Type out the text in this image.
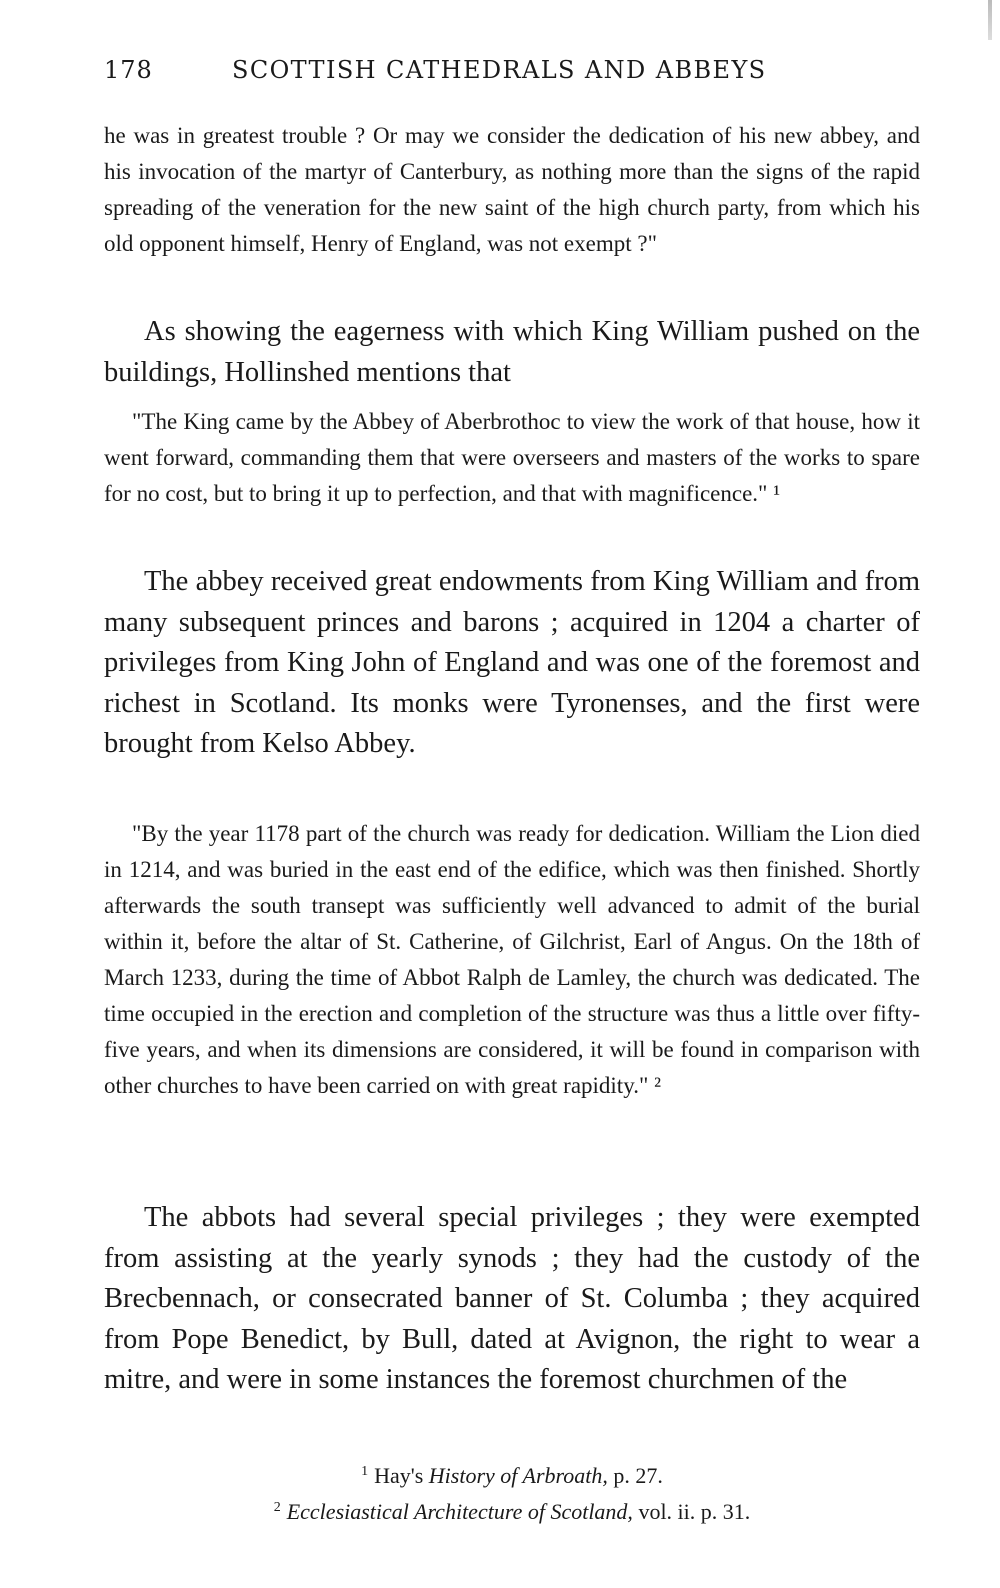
178	SCOTTISH CATHEDRALS AND ABBEYS

he was in greatest trouble ? Or may we consider the dedication of his new abbey, and his invocation of the martyr of Canterbury, as nothing more than the signs of the rapid spreading of the veneration for the new saint of the high church party, from which his old opponent himself, Henry of England, was not exempt ?"

As showing the eagerness with which King William pushed on the buildings, Hollinshed mentions that

"The King came by the Abbey of Aberbrothoc to view the work of that house, how it went forward, commanding them that were overseers and masters of the works to spare for no cost, but to bring it up to perfection, and that with magnificence." ¹

The abbey received great endowments from King William and from many subsequent princes and barons ; acquired in 1204 a charter of privileges from King John of England and was one of the foremost and richest in Scotland. Its monks were Tyronenses, and the first were brought from Kelso Abbey.

"By the year 1178 part of the church was ready for dedication. William the Lion died in 1214, and was buried in the east end of the edifice, which was then finished. Shortly afterwards the south transept was sufficiently well advanced to admit of the burial within it, before the altar of St. Catherine, of Gilchrist, Earl of Angus. On the 18th of March 1233, during the time of Abbot Ralph de Lamley, the church was dedicated. The time occupied in the erection and completion of the structure was thus a little over fifty-five years, and when its dimensions are considered, it will be found in comparison with other churches to have been carried on with great rapidity." ²

The abbots had several special privileges ; they were exempted from assisting at the yearly synods ; they had the custody of the Brecbennach, or consecrated banner of St. Columba ; they acquired from Pope Benedict, by Bull, dated at Avignon, the right to wear a mitre, and were in some instances the foremost churchmen of the

$^1$ Hay's History of Arbroath, p. 27.
$^2$ Ecclesiastical Architecture of Scotland, vol. ii. p. 31.
